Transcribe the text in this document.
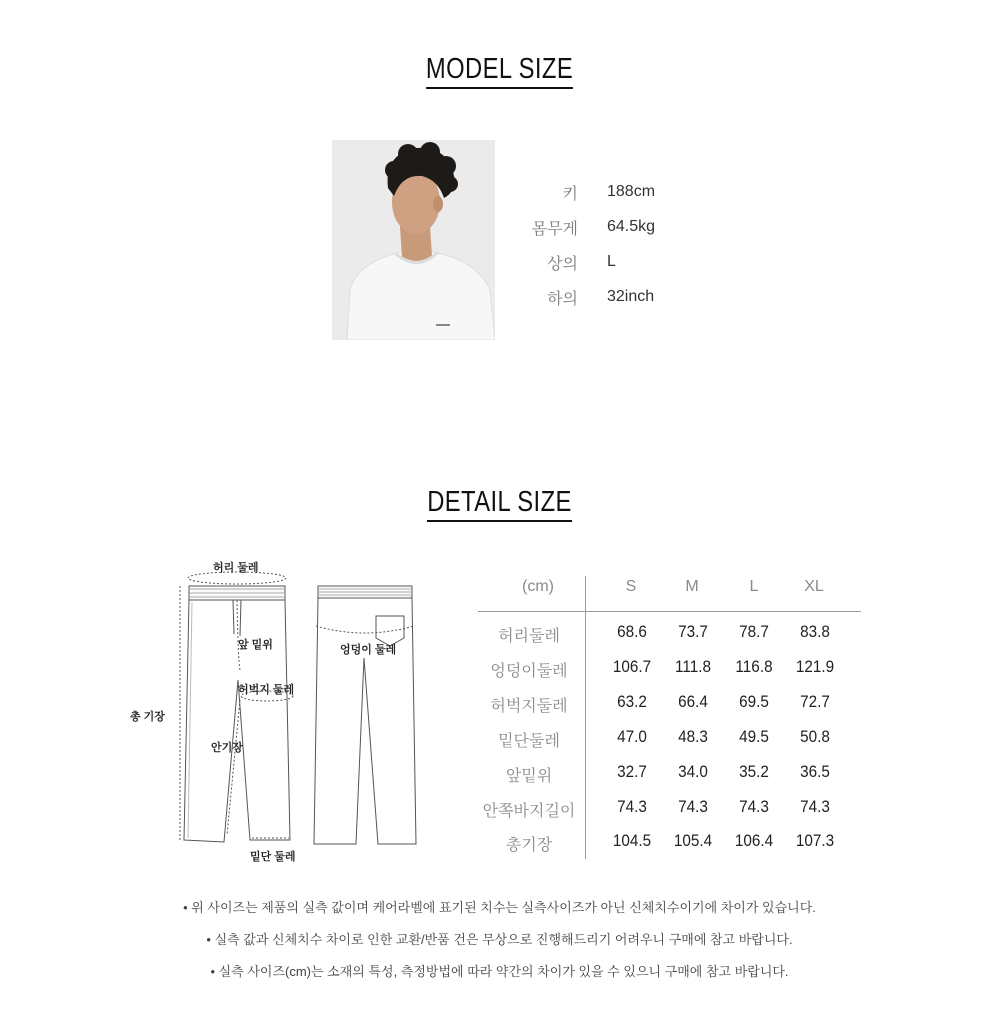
MODEL SIZE
키 188cm
몸무게 64.5kg
상의 L
하의 32inch
DETAIL SIZE
허리 둘레
앞 밑위
허벅지 둘레
총 기장
안기장
밑단 둘레
엉덩이 둘레
(cm)	S	M	L	XL
허리둘레	68.6	73.7	78.7	83.8
엉덩이둘레	106.7	111.8	116.8	121.9
허벅지둘레	63.2	66.4	69.5	72.7
밑단둘레	47.0	48.3	49.5	50.8
앞밑위	32.7	34.0	35.2	36.5
안쪽바지길이	74.3	74.3	74.3	74.3
총기장	104.5	105.4	106.4	107.3

• 위 사이즈는 제품의 실측 값이며 케어라벨에 표기된 치수는 실측사이즈가 아닌 신체치수이기에 차이가 있습니다.

• 실측 값과 신체치수 차이로 인한 교환/반품 건은 무상으로 진행해드리기 어려우니 구매에 참고 바랍니다.

• 실측 사이즈(cm)는 소재의 특성, 측정방법에 따라 약간의 차이가 있을 수 있으니 구매에 참고 바랍니다.
